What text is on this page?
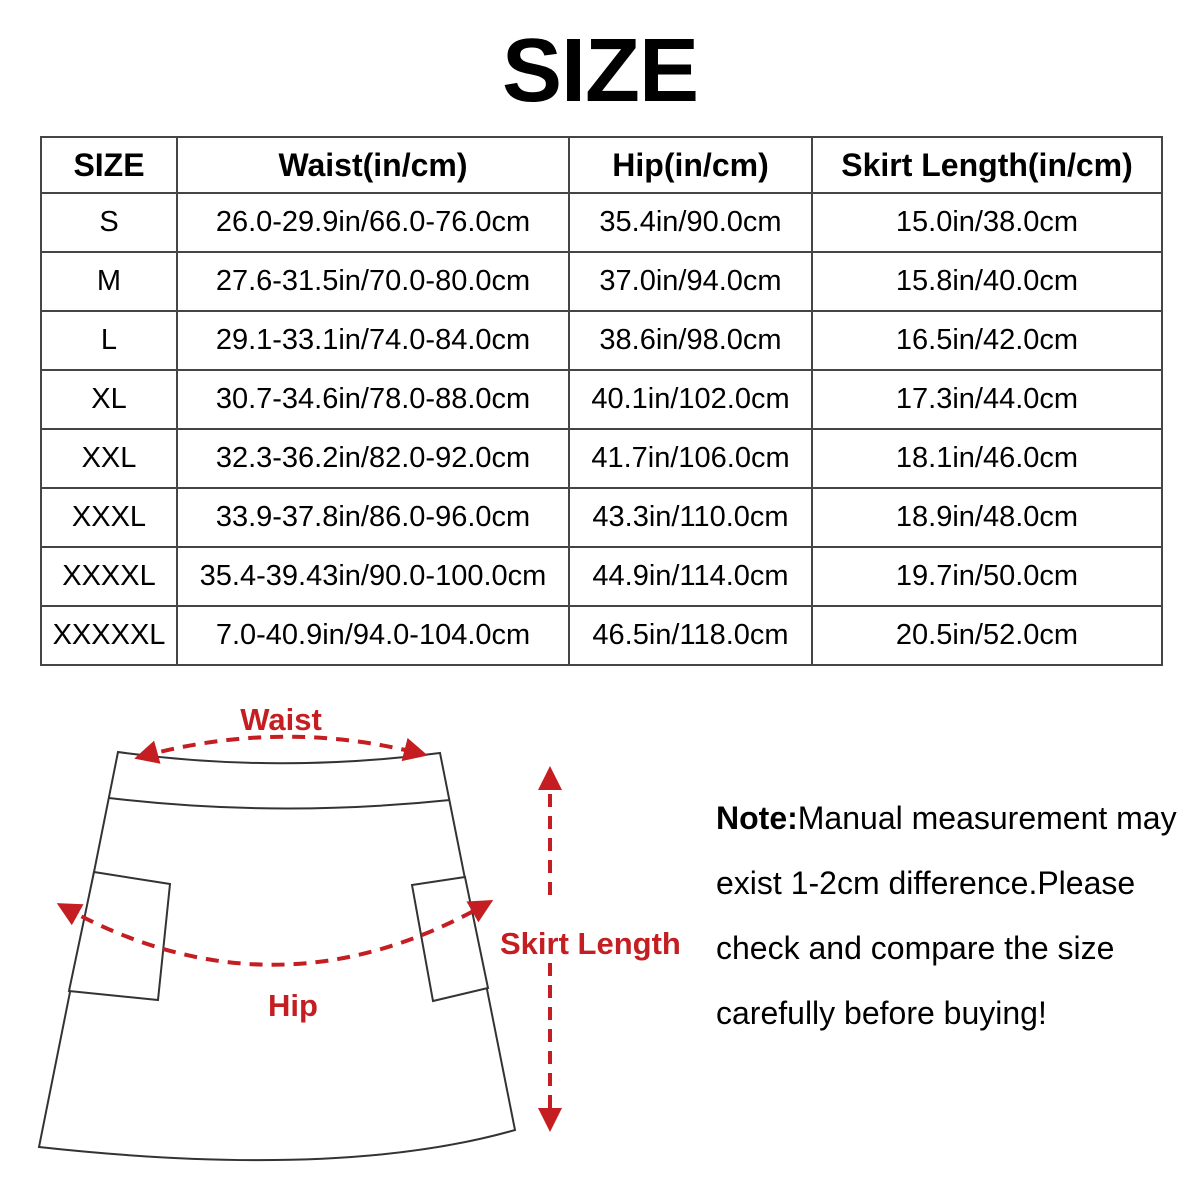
SIZE
SIZE	Waist(in/cm)	Hip(in/cm)	Skirt Length(in/cm)
S	26.0-29.9in/66.0-76.0cm	35.4in/90.0cm	15.0in/38.0cm
M	27.6-31.5in/70.0-80.0cm	37.0in/94.0cm	15.8in/40.0cm
L	29.1-33.1in/74.0-84.0cm	38.6in/98.0cm	16.5in/42.0cm
XL	30.7-34.6in/78.0-88.0cm	40.1in/102.0cm	17.3in/44.0cm
XXL	32.3-36.2in/82.0-92.0cm	41.7in/106.0cm	18.1in/46.0cm
XXXL	33.9-37.8in/86.0-96.0cm	43.3in/110.0cm	18.9in/48.0cm
XXXXL	35.4-39.43in/90.0-100.0cm	44.9in/114.0cm	19.7in/50.0cm
XXXXXL	7.0-40.9in/94.0-104.0cm	46.5in/118.0cm	20.5in/52.0cm
Waist
Hip
Skirt Length
Note:Manual measurement may
exist 1-2cm difference.Please
check and compare the size
carefully before buying!
